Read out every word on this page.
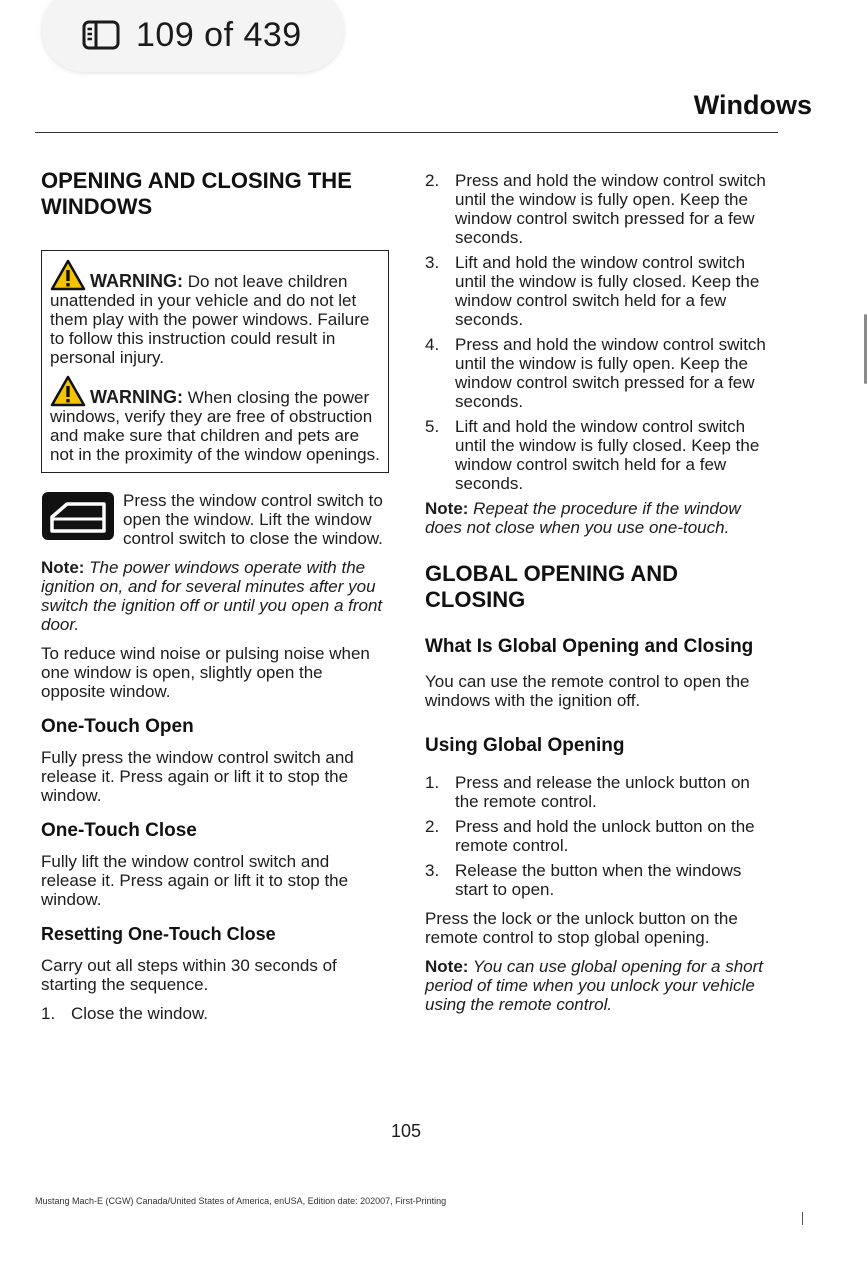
109 of 439
Windows
OPENING AND CLOSING THE WINDOWS

WARNING: Do not leave children unattended in your vehicle and do not let them play with the power windows. Failure to follow this instruction could result in personal injury.

WARNING: When closing the power windows, verify they are free of obstruction and make sure that children and pets are not in the proximity of the window openings.

Press the window control switch to open the window. Lift the window control switch to close the window.

Note: The power windows operate with the ignition on, and for several minutes after you switch the ignition off or until you open a front door.

To reduce wind noise or pulsing noise when one window is open, slightly open the opposite window.

One-Touch Open

Fully press the window control switch and release it. Press again or lift it to stop the window.

One-Touch Close

Fully lift the window control switch and release it. Press again or lift it to stop the window.

Resetting One-Touch Close

Carry out all steps within 30 seconds of starting the sequence.

1. Close the window.
2. Press and hold the window control switch until the window is fully open. Keep the window control switch pressed for a few seconds.
3. Lift and hold the window control switch until the window is fully closed. Keep the window control switch held for a few seconds.
4. Press and hold the window control switch until the window is fully open. Keep the window control switch pressed for a few seconds.
5. Lift and hold the window control switch until the window is fully closed. Keep the window control switch held for a few seconds.

Note: Repeat the procedure if the window does not close when you use one-touch.

GLOBAL OPENING AND CLOSING
What Is Global Opening and Closing

You can use the remote control to open the windows with the ignition off.

Using Global Opening
1. Press and release the unlock button on the remote control.
2. Press and hold the unlock button on the remote control.
3. Release the button when the windows start to open.

Press the lock or the unlock button on the remote control to stop global opening.

Note: You can use global opening for a short period of time when you unlock your vehicle using the remote control.

105
Mustang Mach-E (CGW) Canada/United States of America, enUSA, Edition date: 202007, First-Printing
